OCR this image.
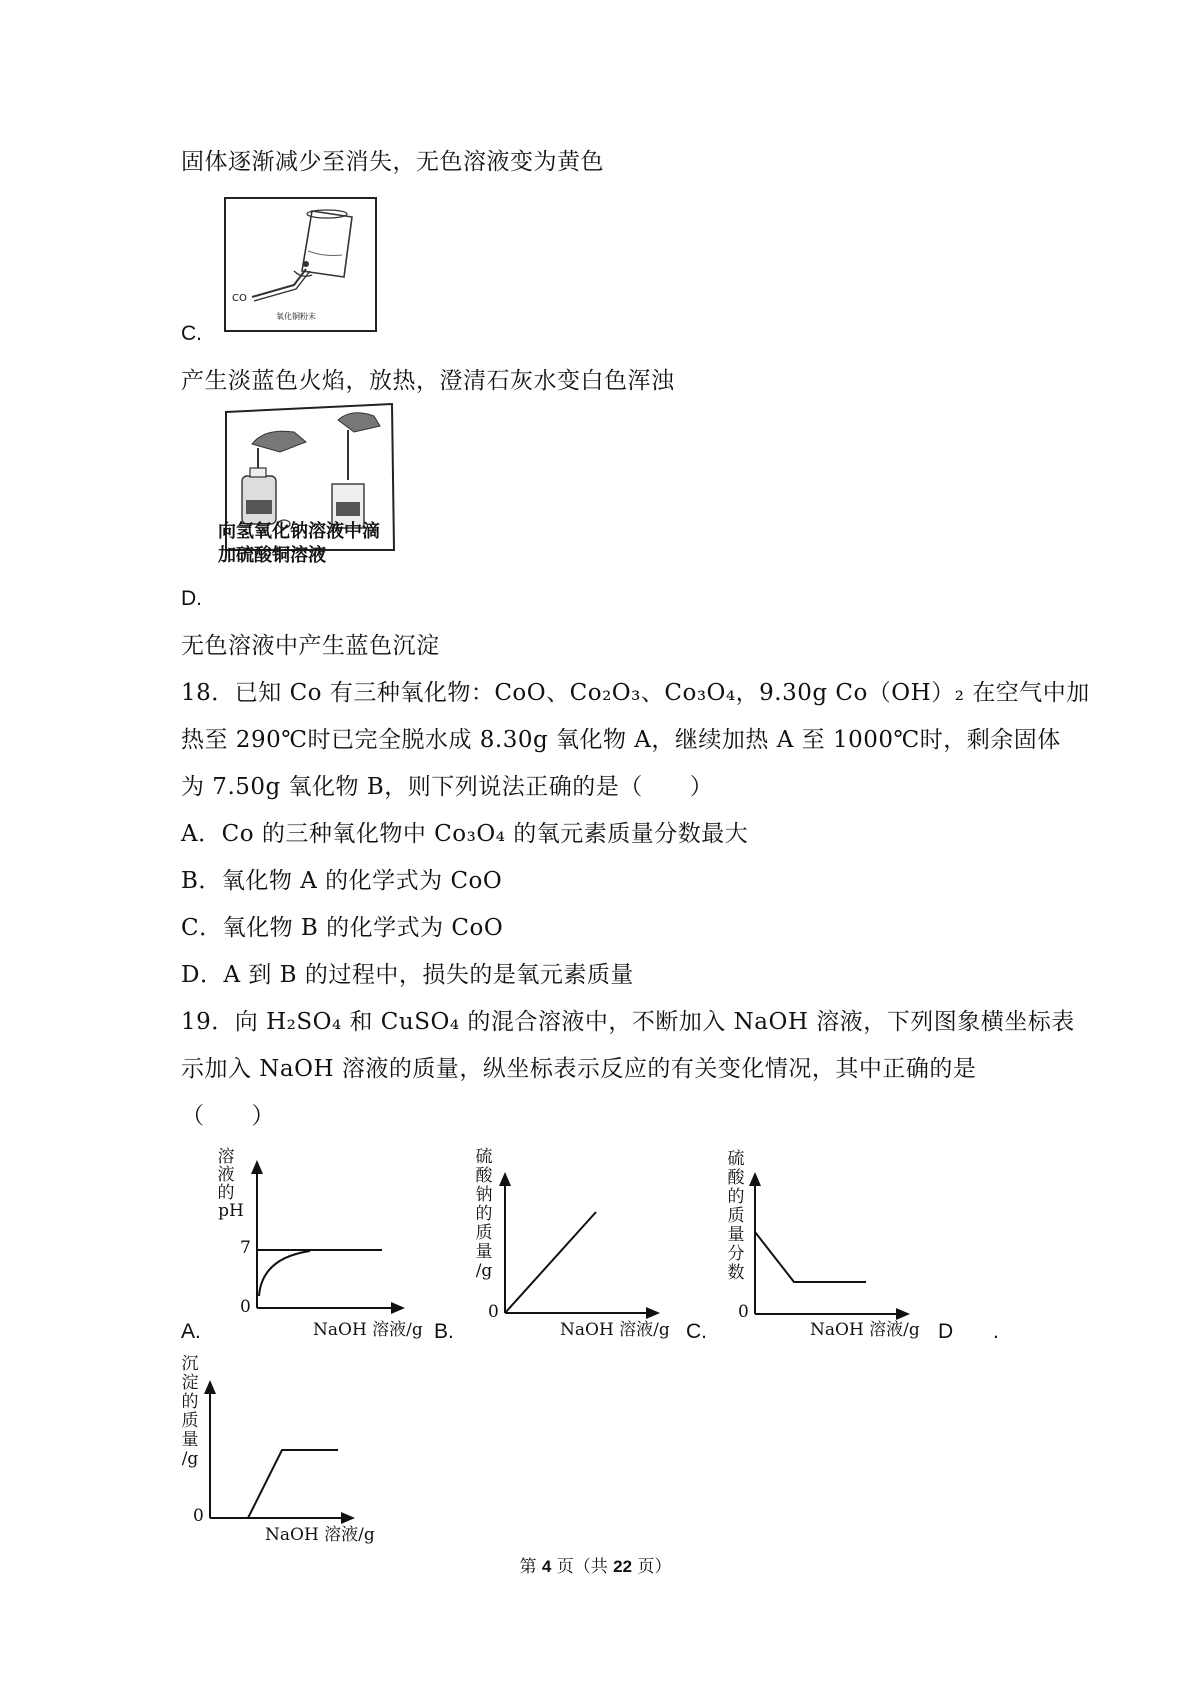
固体逐渐减少至消失，无色溶液变为黄色
CO
氧化铜粉末
C.
产生淡蓝色火焰，放热，澄清石灰水变白色浑浊
向氢氧化钠溶液中滴
加硫酸铜溶液
D.
无色溶液中产生蓝色沉淀
18．已知 Co 有三种氧化物：CoO、Co₂O₃、Co₃O₄，9.30g Co（OH）₂ 在空气中加
热至 290℃时已完全脱水成 8.30g 氧化物 A，继续加热 A 至 1000℃时，剩余固体
为 7.50g 氧化物 B，则下列说法正确的是（　　）
A．Co 的三种氧化物中 Co₃O₄ 的氧元素质量分数最大
B．氧化物 A 的化学式为 CoO
C．氧化物 B 的化学式为 CoO
D．A 到 B 的过程中，损失的是氧元素质量
19．向 H₂SO₄ 和 CuSO₄ 的混合溶液中，不断加入 NaOH 溶液，下列图象横坐标表
示加入 NaOH 溶液的质量，纵坐标表示反应的有关变化情况，其中正确的是
（　　）
溶
液
的
pH
7
0
NaOH 溶液/g
A.
硫
酸
钠
的
质
量
/g
0
NaOH 溶液/g
B.
硫
酸
的
质
量
分
数
0
NaOH 溶液/g
C.	D .
沉
淀
的
质
量
/g
0
NaOH 溶液/g
第 4 页（共 22 页）
